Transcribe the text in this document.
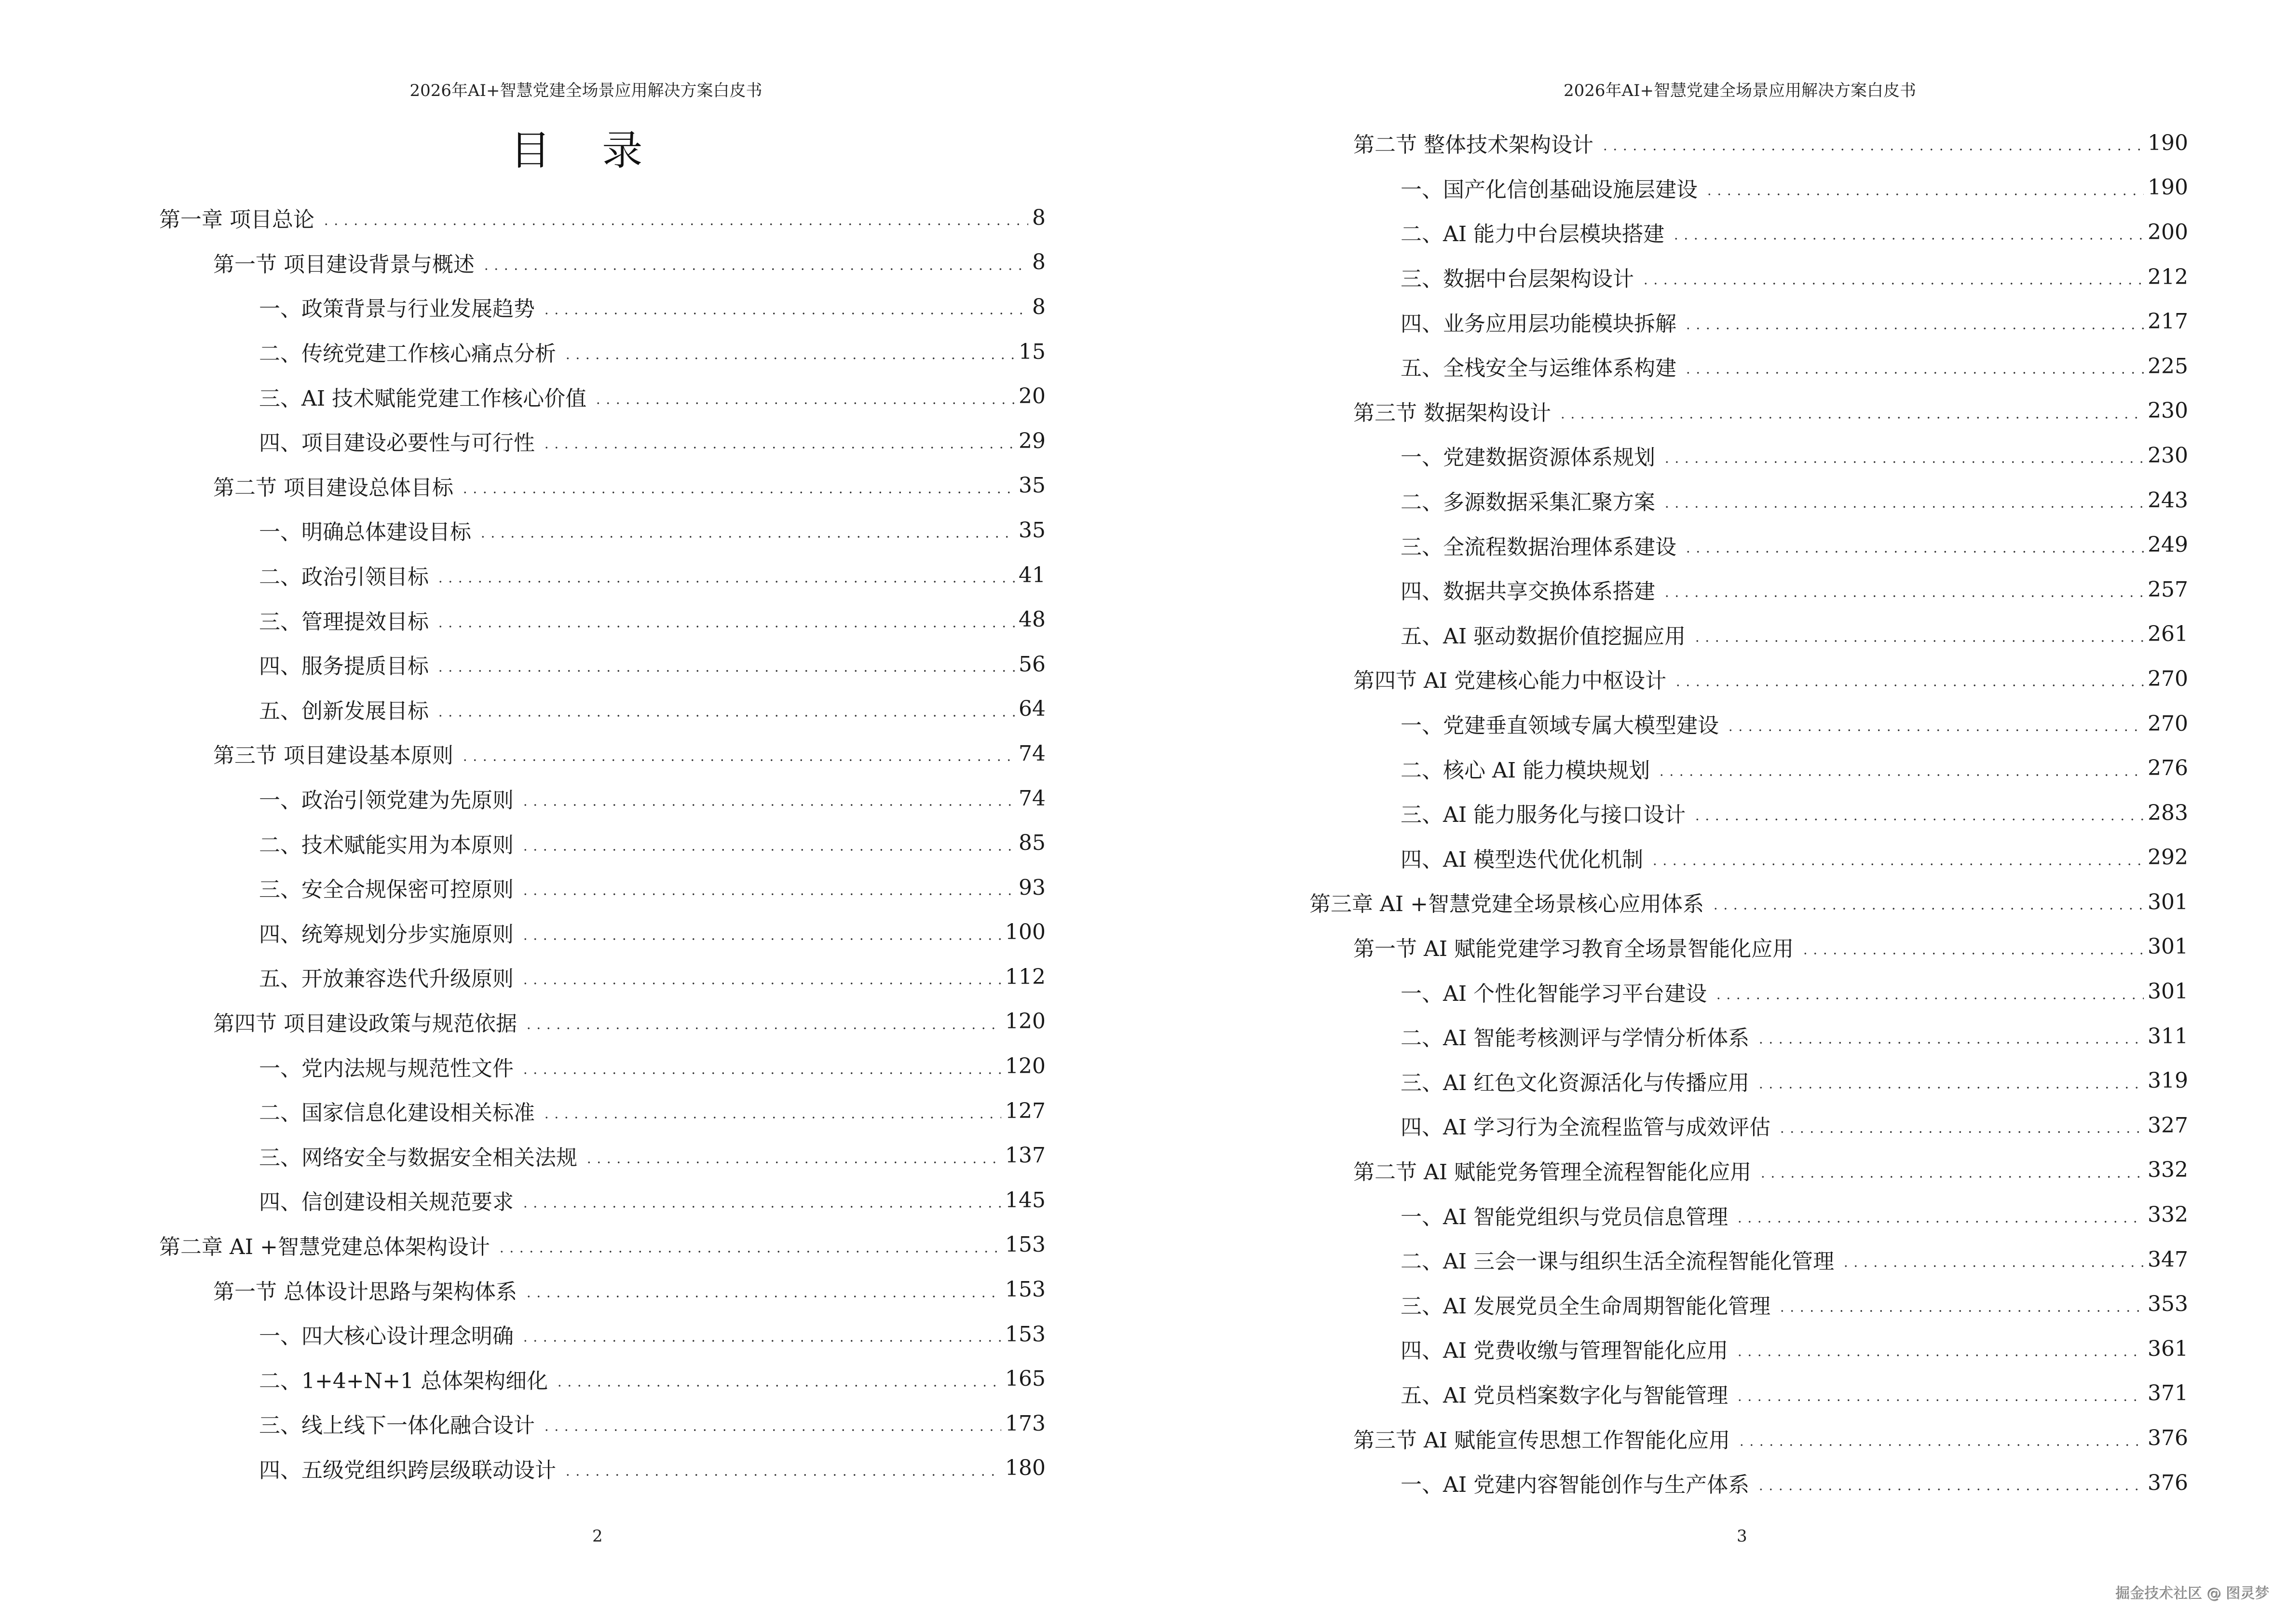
2026年AI+智慧党建全场景应用解决方案白皮书
目 录
第一章 项目总论	8
第一节 项目建设背景与概述	8
一、政策背景与行业发展趋势	8
二、传统党建工作核心痛点分析	15
三、AI 技术赋能党建工作核心价值	20
四、项目建设必要性与可行性	29
第二节 项目建设总体目标	35
一、明确总体建设目标	35
二、政治引领目标	41
三、管理提效目标	48
四、服务提质目标	56
五、创新发展目标	64
第三节 项目建设基本原则	74
一、政治引领党建为先原则	74
二、技术赋能实用为本原则	85
三、安全合规保密可控原则	93
四、统筹规划分步实施原则	100
五、开放兼容迭代升级原则	112
第四节 项目建设政策与规范依据	120
一、党内法规与规范性文件	120
二、国家信息化建设相关标准	127
三、网络安全与数据安全相关法规	137
四、信创建设相关规范要求	145
第二章 AI +智慧党建总体架构设计	153
第一节 总体设计思路与架构体系	153
一、四大核心设计理念明确	153
二、1+4+N+1 总体架构细化	165
三、线上线下一体化融合设计	173
四、五级党组织跨层级联动设计	180
2
2026年AI+智慧党建全场景应用解决方案白皮书
第二节 整体技术架构设计	190
一、国产化信创基础设施层建设	190
二、AI 能力中台层模块搭建	200
三、数据中台层架构设计	212
四、业务应用层功能模块拆解	217
五、全栈安全与运维体系构建	225
第三节 数据架构设计	230
一、党建数据资源体系规划	230
二、多源数据采集汇聚方案	243
三、全流程数据治理体系建设	249
四、数据共享交换体系搭建	257
五、AI 驱动数据价值挖掘应用	261
第四节 AI 党建核心能力中枢设计	270
一、党建垂直领域专属大模型建设	270
二、核心 AI 能力模块规划	276
三、AI 能力服务化与接口设计	283
四、AI 模型迭代优化机制	292
第三章 AI +智慧党建全场景核心应用体系	301
第一节 AI 赋能党建学习教育全场景智能化应用	301
一、AI 个性化智能学习平台建设	301
二、AI 智能考核测评与学情分析体系	311
三、AI 红色文化资源活化与传播应用	319
四、AI 学习行为全流程监管与成效评估	327
第二节 AI 赋能党务管理全流程智能化应用	332
一、AI 智能党组织与党员信息管理	332
二、AI 三会一课与组织生活全流程智能化管理	347
三、AI 发展党员全生命周期智能化管理	353
四、AI 党费收缴与管理智能化应用	361
五、AI 党员档案数字化与智能管理	371
第三节 AI 赋能宣传思想工作智能化应用	376
一、AI 党建内容智能创作与生产体系	376
3
掘金技术社区 @ 图灵梦
